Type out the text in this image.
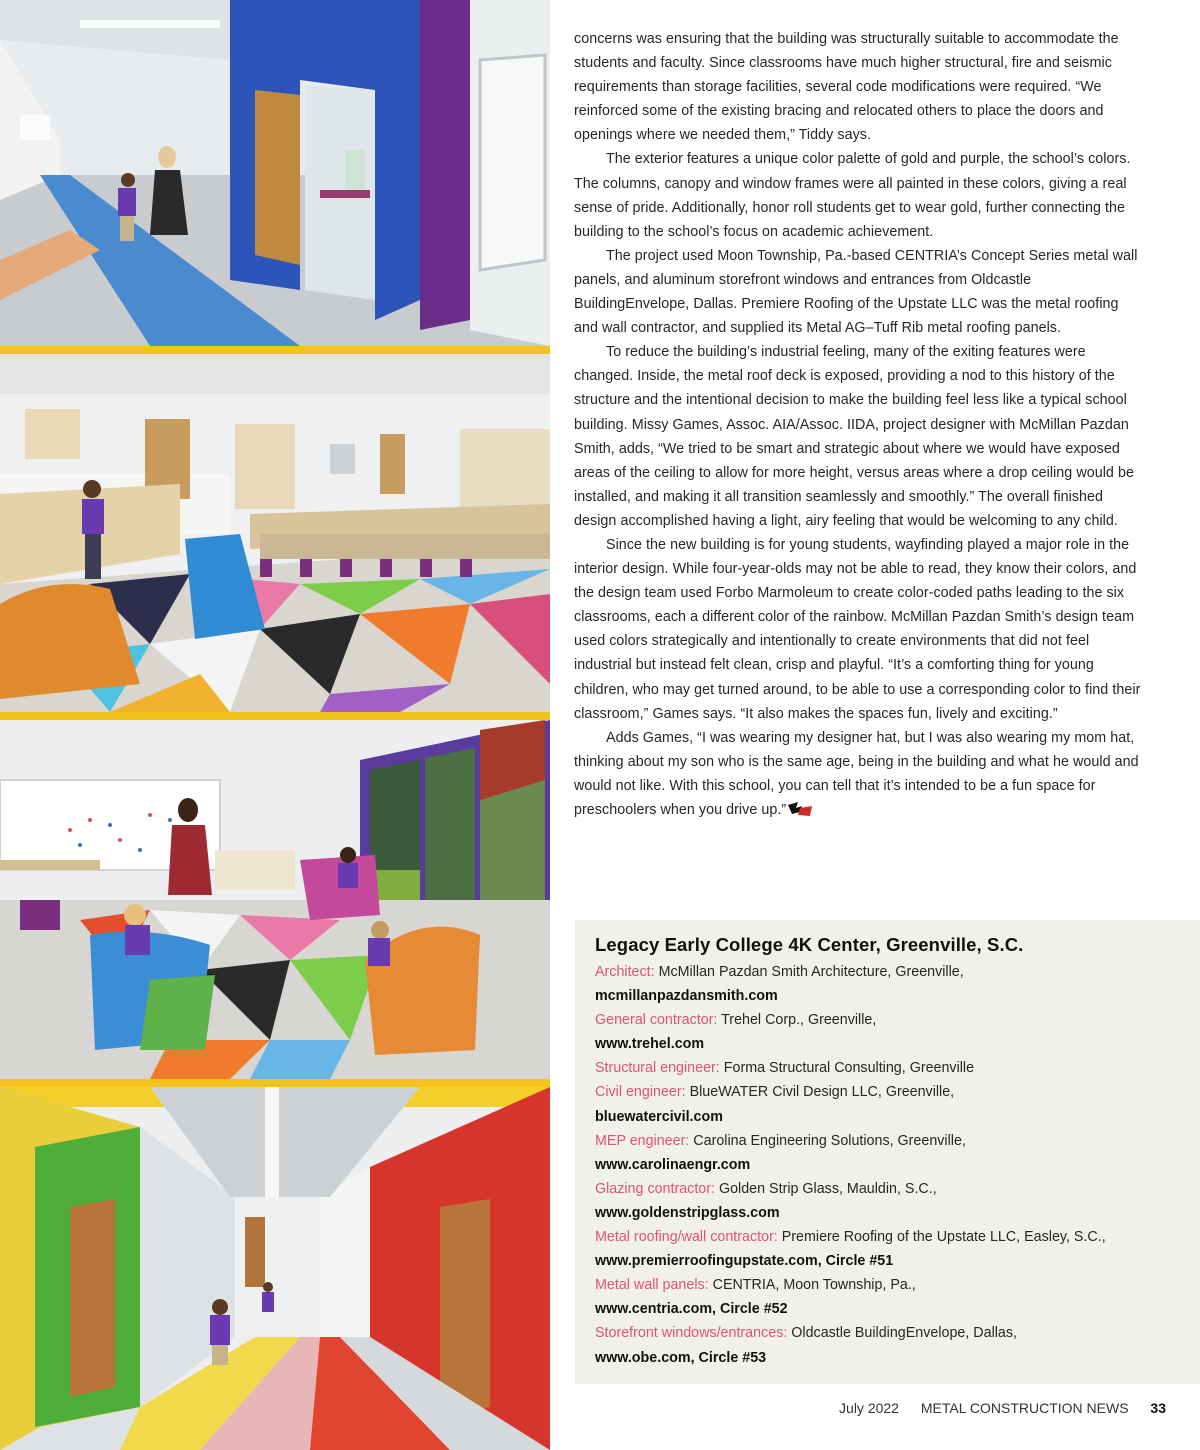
concerns was ensuring that the building was structurally suitable to accommodate the students and faculty. Since classrooms have much higher structural, fire and seismic requirements than storage facilities, several code modifications were required. “We reinforced some of the existing bracing and relocated others to place the doors and openings where we needed them,” Tiddy says.

The exterior features a unique color palette of gold and purple, the school’s colors. The columns, canopy and window frames were all painted in these colors, giving a real sense of pride. Additionally, honor roll students get to wear gold, further connecting the building to the school’s focus on academic achievement.

The project used Moon Township, Pa.-based CENTRIA’s Concept Series metal wall panels, and aluminum storefront windows and entrances from Oldcastle BuildingEnvelope, Dallas. Premiere Roofing of the Upstate LLC was the metal roofing and wall contractor, and supplied its Metal AG–Tuff Rib metal roofing panels.

To reduce the building’s industrial feeling, many of the exiting features were changed. Inside, the metal roof deck is exposed, providing a nod to this history of the structure and the intentional decision to make the building feel less like a typical school building. Missy Games, Assoc. AIA/Assoc. IIDA, project designer with McMillan Pazdan Smith, adds, “We tried to be smart and strategic about where we would have exposed areas of the ceiling to allow for more height, versus areas where a drop ceiling would be installed, and making it all transition seamlessly and smoothly.” The overall finished design accomplished having a light, airy feeling that would be welcoming to any child.

Since the new building is for young students, wayfinding played a major role in the interior design. While four-year-olds may not be able to read, they know their colors, and the design team used Forbo Marmoleum to create color-coded paths leading to the six classrooms, each a different color of the rainbow. McMillan Pazdan Smith’s design team used colors strategically and intentionally to create environments that did not feel industrial but instead felt clean, crisp and playful. “It’s a comforting thing for young children, who may get turned around, to be able to use a corresponding color to find their classroom,” Games says. “It also makes the spaces fun, lively and exciting.”

Adds Games, “I was wearing my designer hat, but I was also wearing my mom hat, thinking about my son who is the same age, being in the building and what he would and would not like. With this school, you can tell that it’s intended to be a fun space for preschoolers when you drive up.”

Legacy Early College 4K Center, Greenville, S.C.
Architect: McMillan Pazdan Smith Architecture, Greenville,
mcmillanpazdansmith.com
General contractor: Trehel Corp., Greenville,
www.trehel.com
Structural engineer: Forma Structural Consulting, Greenville
Civil engineer: BlueWATER Civil Design LLC, Greenville,
bluewatercivil.com
MEP engineer: Carolina Engineering Solutions, Greenville,
www.carolinaengr.com
Glazing contractor: Golden Strip Glass, Mauldin, S.C.,
www.goldenstripglass.com
Metal roofing/wall contractor: Premiere Roofing of the Upstate LLC, Easley, S.C.,
www.premierroofingupstate.com, Circle #51
Metal wall panels: CENTRIA, Moon Township, Pa.,
www.centria.com, Circle #52
Storefront windows/entrances: Oldcastle BuildingEnvelope, Dallas,
www.obe.com, Circle #53
July 2022 METAL CONSTRUCTION NEWS 33
